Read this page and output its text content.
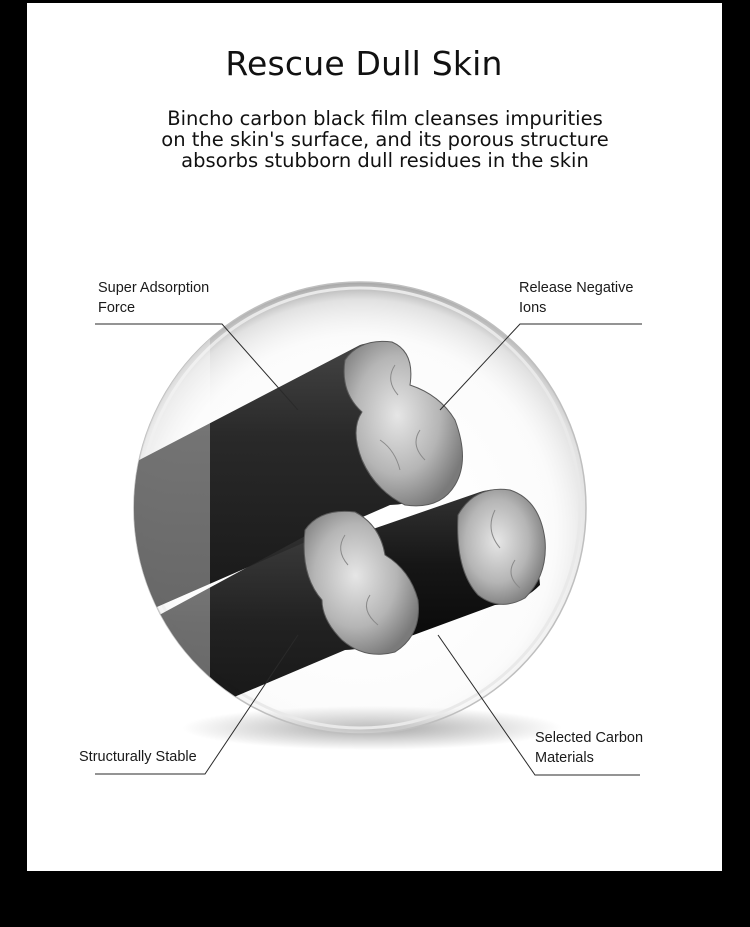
Rescue Dull Skin
Bincho carbon black film cleanses impurities
on the skin's surface, and its porous structure
absorbs stubborn dull residues in the skin
Super Adsorption
Force
Release Negative
Ions
Structurally Stable
Selected Carbon
Materials
